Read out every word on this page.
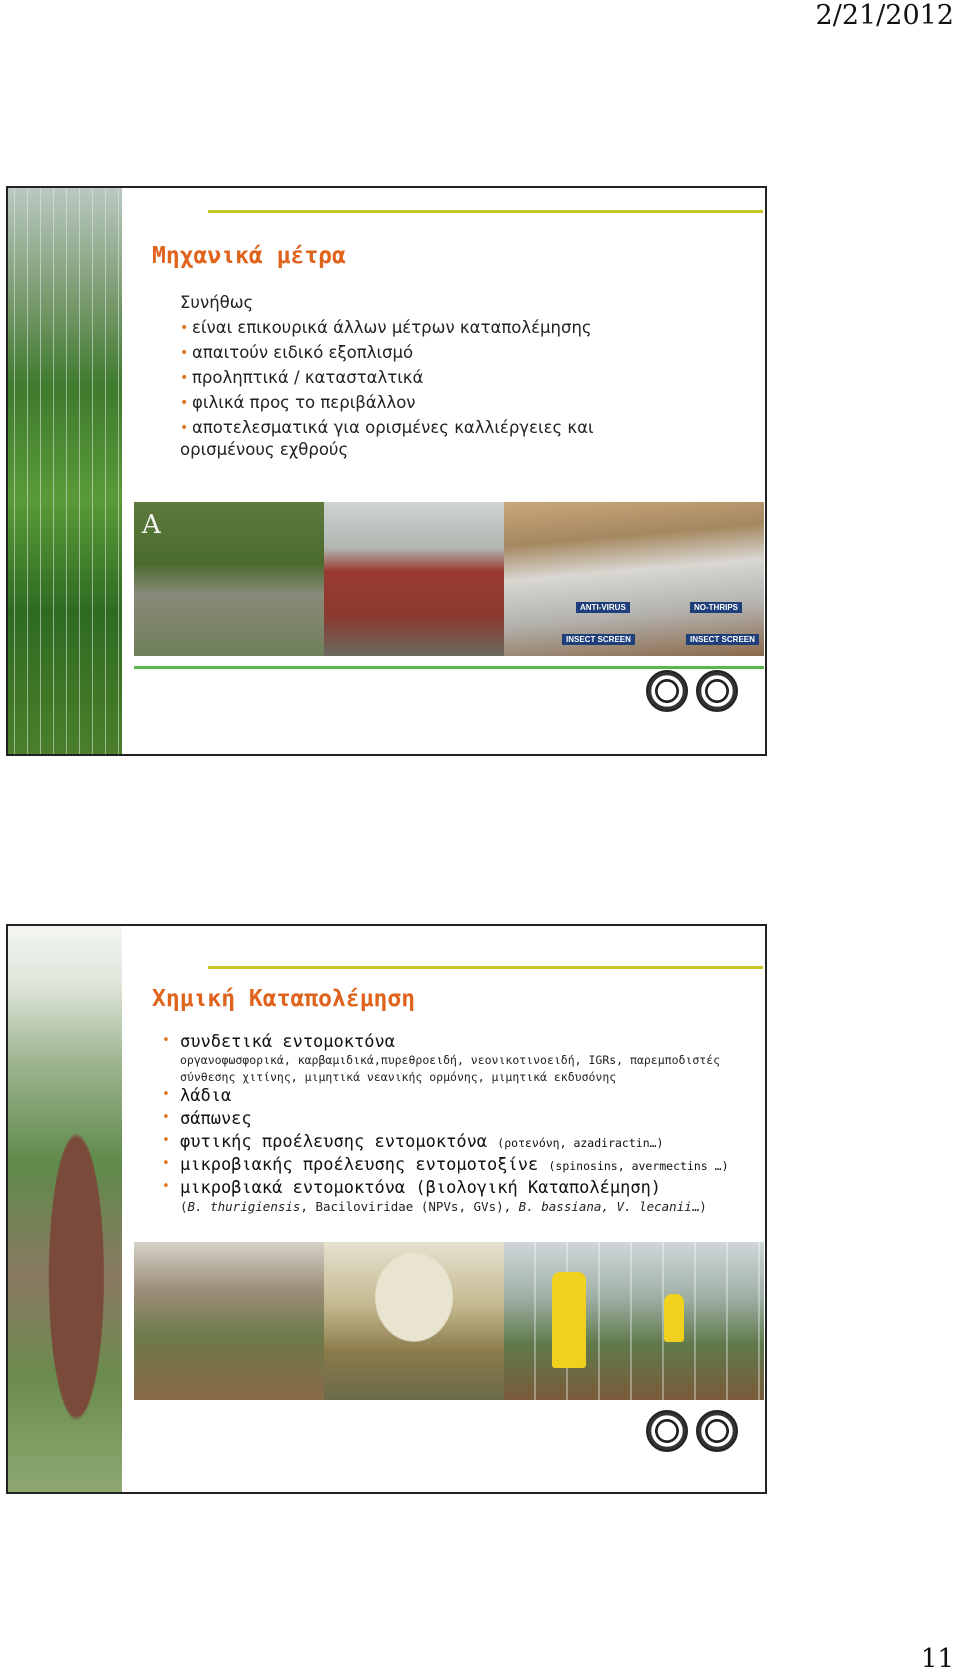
2/21/2012
Μηχανικά μέτρα

Συνήθως

• είναι επικουρικά άλλων μέτρων καταπολέμησης

• απαιτούν ειδικό εξοπλισμό

• προληπτικά / κατασταλτικά

• φιλικά προς το περιβάλλον

• αποτελεσματικά για ορισμένες καλλιέργειες και

ορισμένους εχθρούς

A
ANTI-VIRUS
INSECT SCREEN
NO-THRIPS
INSECT SCREEN
Χημική Καταπολέμηση

• συνδετικά εντομοκτόνα

οργανοφωσφορικά, καρβαμιδικά,πυρεθροειδή, νεονικοτινοειδή, IGRs, παρεμποδιστές

σύνθεσης χιτίνης, μιμητικά νεανικής ορμόνης, μιμητικά εκδυσόνης

• λάδια

• σάπωνες

• φυτικής προέλευσης εντομοκτόνα (ροτενόνη, azadiractin…)

• μικροβιακής προέλευσης εντομοτοξίνε (spinosins, avermectins …)

• μικροβιακά εντομοκτόνα (βιολογική Καταπολέμηση)

(B. thurigiensis, Baciloviridae (NPVs, GVs), B. bassiana, V. lecanii…)

11
